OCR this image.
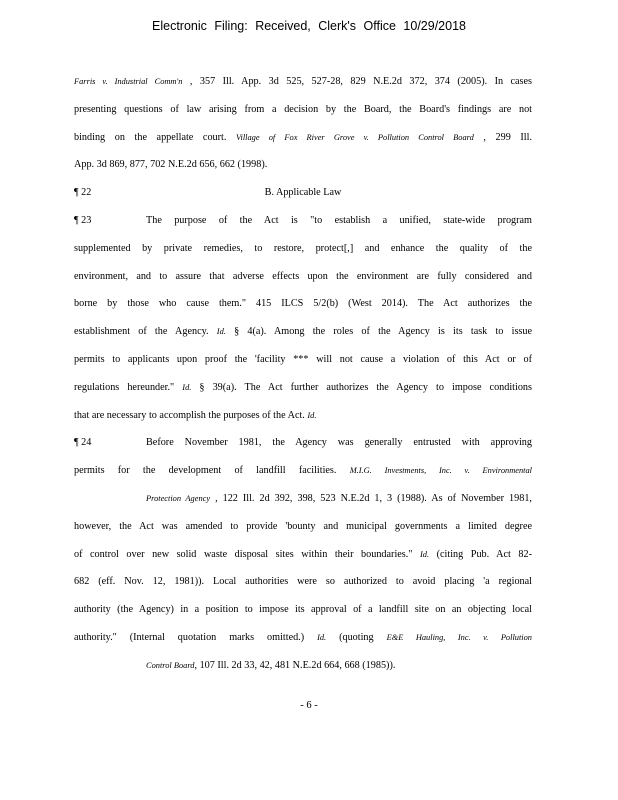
Electronic Filing: Received, Clerk's Office 10/29/2018
Farris v. Industrial Comm'n , 357 Ill. App. 3d 525, 527-28, 829 N.E.2d 372, 374 (2005). In cases
presenting questions of law arising from a decision by the Board, the Board's findings are not
binding on the appellate court. Village of Fox River Grove v. Pollution Control Board , 299 Ill.
App. 3d 869, 877, 702 N.E.2d 656, 662 (1998).
¶ 22	B. Applicable Law
¶ 23	The purpose of the Act is "to establish a unified, state-wide program
supplemented by private remedies, to restore, protect[,] and enhance the quality of the
environment, and to assure that adverse effects upon the environment are fully considered and
borne by those who cause them." 415 ILCS 5/2(b) (West 2014). The Act authorizes the
establishment of the Agency. Id. § 4(a). Among the roles of the Agency is its task to issue
permits to applicants upon proof the 'facility *** will not cause a violation of this Act or of
regulations hereunder." Id. § 39(a). The Act further authorizes the Agency to impose conditions
that are necessary to accomplish the purposes of the Act. Id.
¶ 24	Before November 1981, the Agency was generally entrusted with approving
permits for the development of landfill facilities. M.I.G. Investments, Inc. v. Environmental
Protection Agency , 122 Ill. 2d 392, 398, 523 N.E.2d 1, 3 (1988). As of November 1981,
however, the Act was amended to provide 'bounty and municipal governments a limited degree
of control over new solid waste disposal sites within their boundaries." Id. (citing Pub. Act 82-
682 (eff. Nov. 12, 1981)). Local authorities were so authorized to avoid placing 'a regional
authority (the Agency) in a position to impose its approval of a landfill site on an objecting local
authority." (Internal quotation marks omitted.) Id. (quoting E&E Hauling, Inc. v. Pollution
Control Board, 107 Ill. 2d 33, 42, 481 N.E.2d 664, 668 (1985)).
- 6 -
